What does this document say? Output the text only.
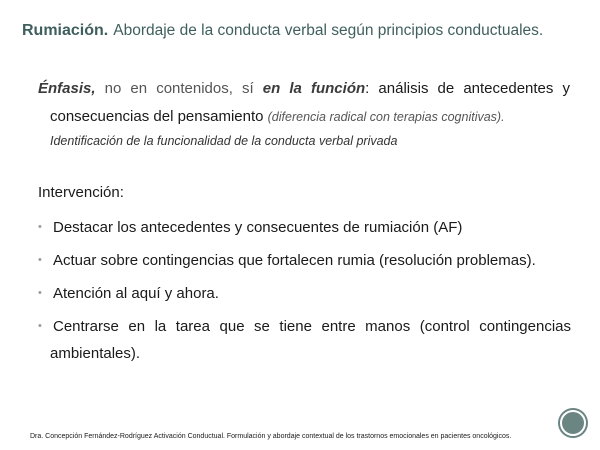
Rumiación. Abordaje de la conducta verbal según principios conductuales.
Énfasis, no en contenidos, sí en la función: análisis de antecedentes y
consecuencias del pensamiento (diferencia radical con terapias cognitivas).
Identificación de la funcionalidad de la conducta verbal privada
Intervención:
• Destacar los antecedentes y consecuentes de rumiación (AF)
• Actuar sobre contingencias que fortalecen rumia (resolución problemas).
• Atención al aquí y ahora.
• Centrarse en la tarea que se tiene entre manos (control contingencias
ambientales).
Dra. Concepción Fernández-Rodríguez Activación Conductual. Formulación y abordaje contextual de los trastornos emocionales en pacientes oncológicos.
